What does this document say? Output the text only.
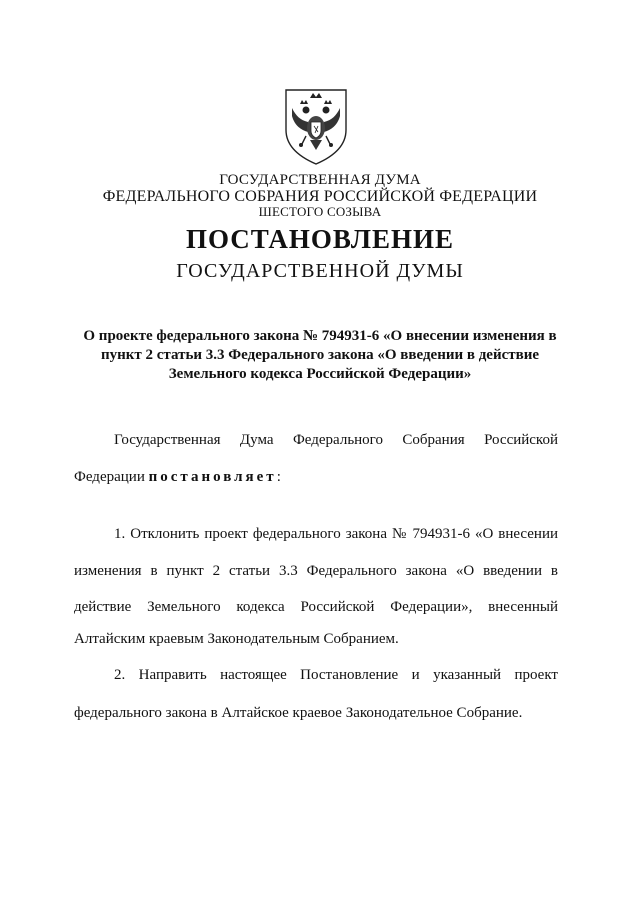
ГОСУДАРСТВЕННАЯ ДУМА
ФЕДЕРАЛЬНОГО СОБРАНИЯ РОССИЙСКОЙ ФЕДЕРАЦИИ
ШЕСТОГО СОЗЫВА
ПОСТАНОВЛЕНИЕ
ГОСУДАРСТВЕННОЙ ДУМЫ
О проекте федерального закона № 794931-6 «О внесении изменения в
пункт 2 статьи 3.3 Федерального закона «О введении в действие
Земельного кодекса Российской Федерации»
Государственная Дума Федерального Собрания Российской
Федерации постановляет:
1. Отклонить проект федерального закона № 794931-6 «О внесении
изменения в пункт 2 статьи 3.3 Федерального закона «О введении в
действие Земельного кодекса Российской Федерации», внесенный
Алтайским краевым Законодательным Собранием.
2. Направить настоящее Постановление и указанный проект
федерального закона в Алтайское краевое Законодательное Собрание.
